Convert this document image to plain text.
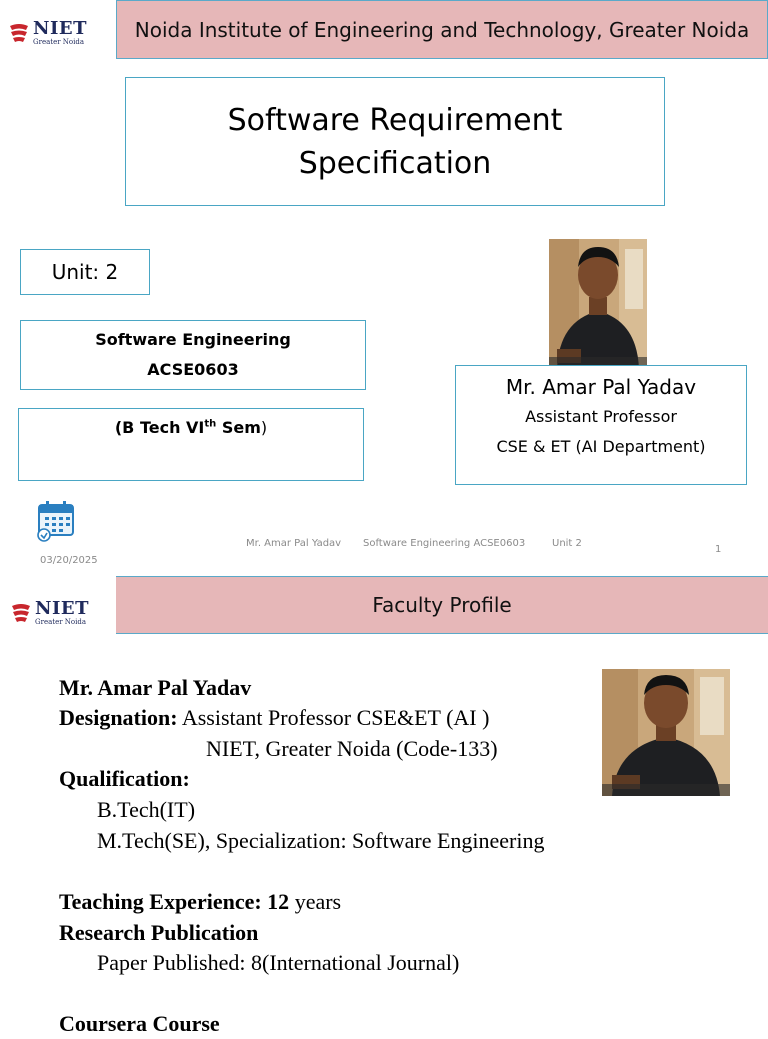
NIET
Greater Noida
Noida Institute of Engineering and Technology, Greater Noida
Software Requirement
Specification
Unit: 2
Software Engineering
ACSE0603
(B Tech VIth Sem)
Mr. Amar Pal Yadav
Assistant Professor
CSE & ET (AI Department)
03/20/2025
Mr. Amar Pal Yadav Software Engineering ACSE0603	Unit 2
1
NIET
Greater Noida
Faculty Profile
Mr. Amar Pal Yadav
Designation: Assistant Professor CSE&ET (AI )
NIET, Greater Noida (Code-133)
Qualification:
B.Tech(IT)
M.Tech(SE), Specialization: Software Engineering
Teaching Experience: 12 years
Research Publication
Paper Published: 8(International Journal)
Coursera Course
